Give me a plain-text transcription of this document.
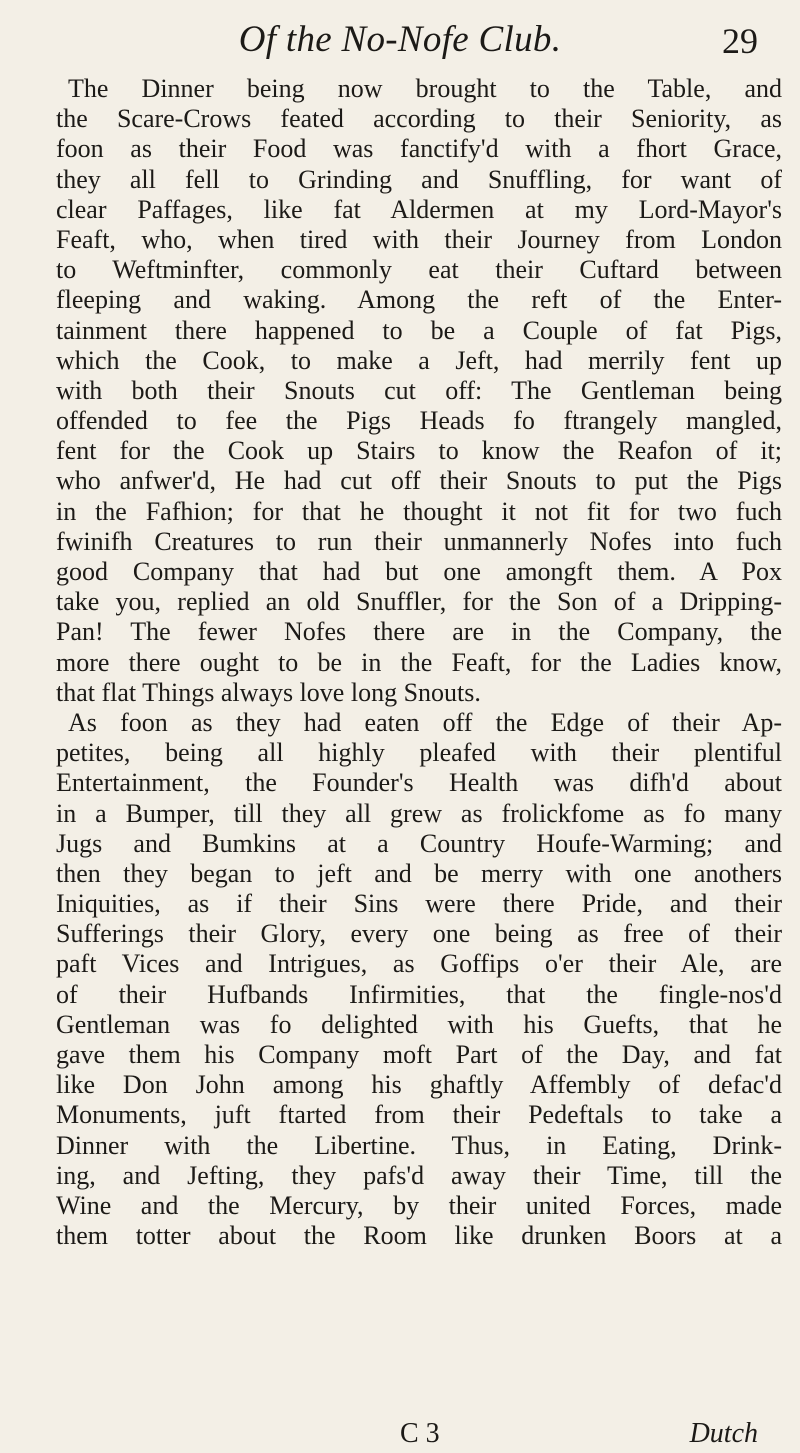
Of the No-Nofe Club.	29
The Dinner being now brought to the Table, and
the Scare-Crows feated according to their Seniority, as
foon as their Food was fanctify'd with a fhort Grace,
they all fell to Grinding and Snuffling, for want of
clear Paffages, like fat Aldermen at my Lord-Mayor's
Feaft, who, when tired with their Journey from London
to Weftminfter, commonly eat their Cuftard between
fleeping and waking. Among the reft of the Enter-
tainment there happened to be a Couple of fat Pigs,
which the Cook, to make a Jeft, had merrily fent up
with both their Snouts cut off: The Gentleman being
offended to fee the Pigs Heads fo ftrangely mangled,
fent for the Cook up Stairs to know the Reafon of it;
who anfwer'd, He had cut off their Snouts to put the Pigs
in the Fafhion; for that he thought it not fit for two fuch
fwinifh Creatures to run their unmannerly Nofes into fuch
good Company that had but one amongft them. A Pox
take you, replied an old Snuffler, for the Son of a Dripping-
Pan! The fewer Nofes there are in the Company, the
more there ought to be in the Feaft, for the Ladies know,
that flat Things always love long Snouts.
As foon as they had eaten off the Edge of their Ap-
petites, being all highly pleafed with their plentiful
Entertainment, the Founder's Health was difh'd about
in a Bumper, till they all grew as frolickfome as fo many
Jugs and Bumkins at a Country Houfe-Warming; and
then they began to jeft and be merry with one anothers
Iniquities, as if their Sins were there Pride, and their
Sufferings their Glory, every one being as free of their
paft Vices and Intrigues, as Goffips o'er their Ale, are
of their Hufbands Infirmities, that the fingle-nos'd
Gentleman was fo delighted with his Guefts, that he
gave them his Company moft Part of the Day, and fat
like Don John among his ghaftly Affembly of defac'd
Monuments, juft ftarted from their Pedeftals to take a
Dinner with the Libertine. Thus, in Eating, Drink-
ing, and Jefting, they pafs'd away their Time, till the
Wine and the Mercury, by their united Forces, made
them totter about the Room like drunken Boors at a
C 3	Dutch
